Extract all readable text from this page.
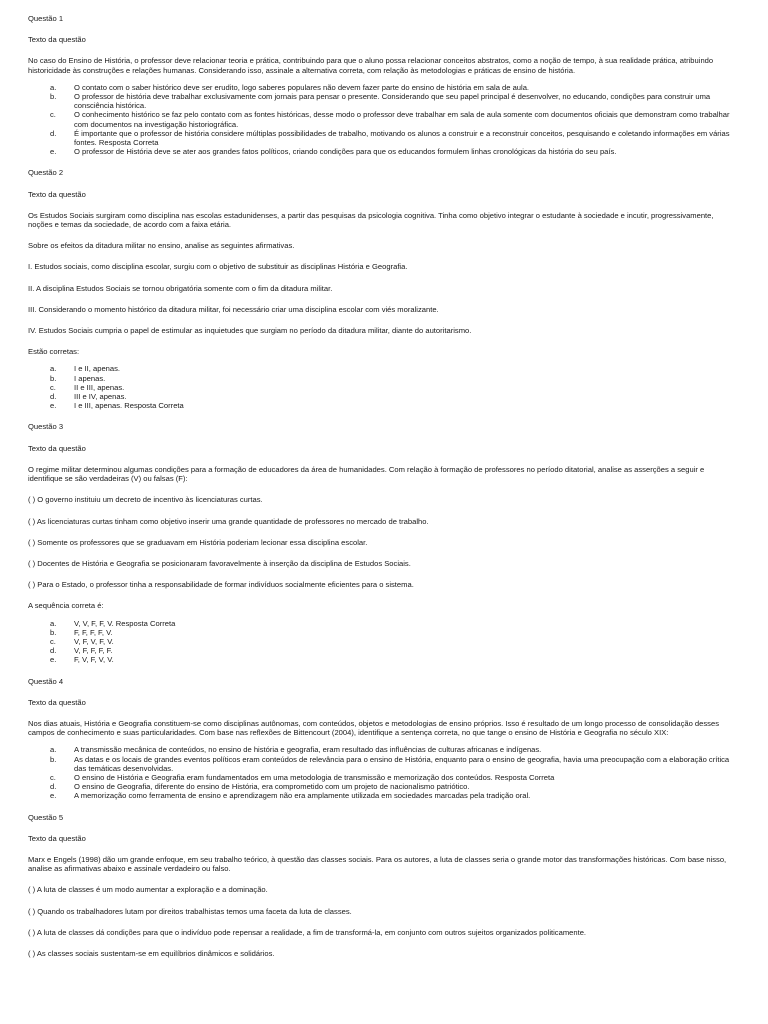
Questão 1

Texto da questão

No caso do Ensino de História, o professor deve relacionar teoria e prática, contribuindo para que o aluno possa relacionar conceitos abstratos, como a noção de tempo, à sua realidade prática, atribuindo historicidade às construções e relações humanas. Considerando isso, assinale a alternativa correta, com relação às metodologias e práticas de ensino de história.

a.	O contato com o saber histórico deve ser erudito, logo saberes populares não devem fazer parte do ensino de história em sala de aula.
b.	O professor de história deve trabalhar exclusivamente com jornais para pensar o presente. Considerando que seu papel principal é desenvolver, no educando, condições para construir uma consciência histórica.
c.	O conhecimento histórico se faz pelo contato com as fontes históricas, desse modo o professor deve trabalhar em sala de aula somente com documentos oficiais que demonstram como trabalhar com documentos na investigação historiográfica.
d.	É importante que o professor de história considere múltiplas possibilidades de trabalho, motivando os alunos a construir e a reconstruir conceitos, pesquisando e coletando informações em várias fontes. Resposta Correta
e.	O professor de História deve se ater aos grandes fatos políticos, criando condições para que os educandos formulem linhas cronológicas da história do seu país.

Questão 2

Texto da questão

Os Estudos Sociais surgiram como disciplina nas escolas estadunidenses, a partir das pesquisas da psicologia cognitiva. Tinha como objetivo integrar o estudante à sociedade e incutir, progressivamente, noções e temas da sociedade, de acordo com a faixa etária.

Sobre os efeitos da ditadura militar no ensino, analise as seguintes afirmativas.

I. Estudos sociais, como disciplina escolar, surgiu com o objetivo de substituir as disciplinas História e Geografia.

II. A disciplina Estudos Sociais se tornou obrigatória somente com o fim da ditadura militar.

III. Considerando o momento histórico da ditadura militar, foi necessário criar uma disciplina escolar com viés moralizante.

IV. Estudos Sociais cumpria o papel de estimular as inquietudes que surgiam no período da ditadura militar, diante do autoritarismo.

Estão corretas:

a.	I e II, apenas.
b.	I apenas.
c.	II e III, apenas.
d.	III e IV, apenas.
e.	I e III, apenas. Resposta Correta

Questão 3

Texto da questão

O regime militar determinou algumas condições para a formação de educadores da área de humanidades. Com relação à formação de professores no período ditatorial, analise as asserções a seguir e identifique se são verdadeiras (V) ou falsas (F):

( ) O governo instituiu um decreto de incentivo às licenciaturas curtas.

( ) As licenciaturas curtas tinham como objetivo inserir uma grande quantidade de professores no mercado de trabalho.

( ) Somente os professores que se graduavam em História poderiam lecionar essa disciplina escolar.

( ) Docentes de História e Geografia se posicionaram favoravelmente à inserção da disciplina de Estudos Sociais.

( ) Para o Estado, o professor tinha a responsabilidade de formar indivíduos socialmente eficientes para o sistema.

A sequência correta é:

a.	V, V, F, F, V. Resposta Correta
b.	F, F, F, F, V.
c.	V, F, V, F, V.
d.	V, F, F, F, F.
e.	F, V, F, V, V.

Questão 4

Texto da questão

Nos dias atuais, História e Geografia constituem-se como disciplinas autônomas, com conteúdos, objetos e metodologias de ensino próprios. Isso é resultado de um longo processo de consolidação desses campos de conhecimento e suas particularidades. Com base nas reflexões de Bittencourt (2004), identifique a sentença correta, no que tange o ensino de História e Geografia no século XIX:

a.	A transmissão mecânica de conteúdos, no ensino de história e geografia, eram resultado das influências de culturas africanas e indígenas.
b.	As datas e os locais de grandes eventos políticos eram conteúdos de relevância para o ensino de História, enquanto para o ensino de geografia, havia uma preocupação com a elaboração crítica das temáticas desenvolvidas.
c.	O ensino de História e Geografia eram fundamentados em uma metodologia de transmissão e memorização dos conteúdos. Resposta Correta
d.	O ensino de Geografia, diferente do ensino de História, era comprometido com um projeto de nacionalismo patriótico.
e.	A memorização como ferramenta de ensino e aprendizagem não era amplamente utilizada em sociedades marcadas pela tradição oral.

Questão 5

Texto da questão

Marx e Engels (1998) dão um grande enfoque, em seu trabalho teórico, à questão das classes sociais. Para os autores, a luta de classes seria o grande motor das transformações históricas. Com base nisso, analise as afirmativas abaixo e assinale verdadeiro ou falso.

( ) A luta de classes é um modo aumentar a exploração e a dominação.

( ) Quando os trabalhadores lutam por direitos trabalhistas temos uma faceta da luta de classes.

( ) A luta de classes dá condições para que o indivíduo pode repensar a realidade, a fim de transformá-la, em conjunto com outros sujeitos organizados politicamente.

( ) As classes sociais sustentam-se em equilíbrios dinâmicos e solidários.
